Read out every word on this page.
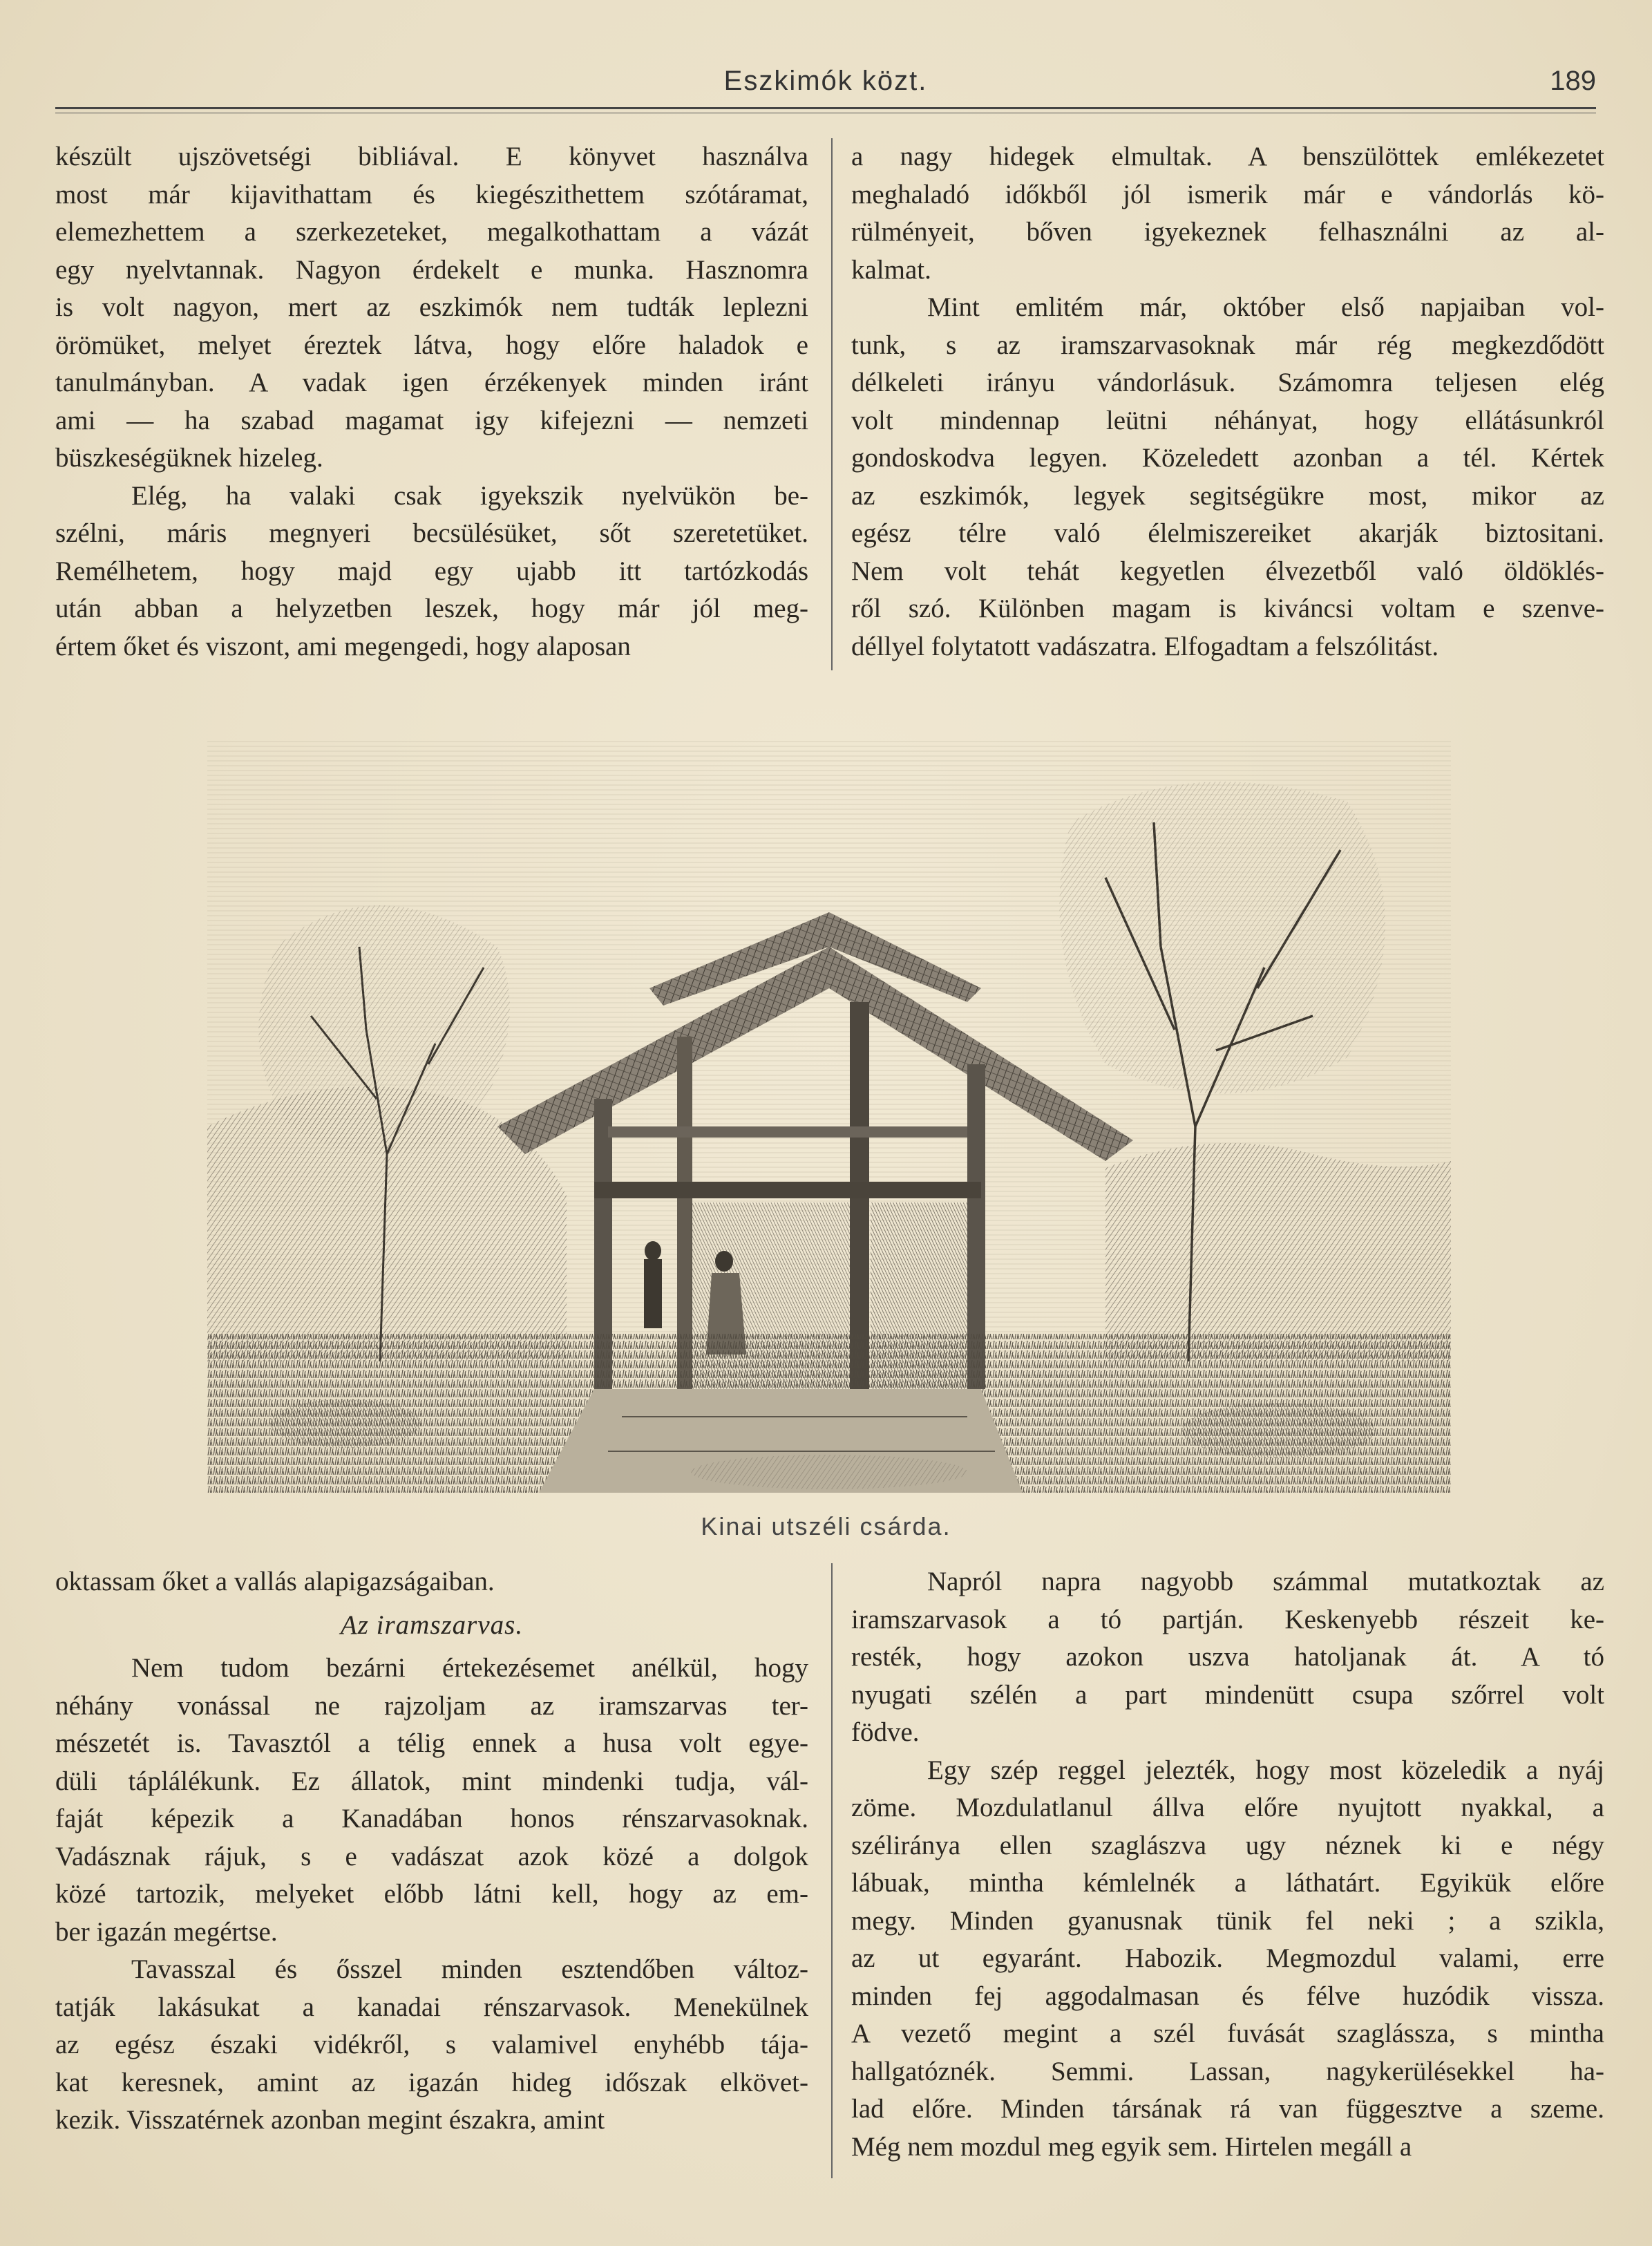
Eszkimók közt.	189

készült ujszövetségi bibliával. E könyvet használva
most már kijavithattam és kiegészithettem szótáramat,
elemezhettem a szerkezeteket, megalkothattam a vázát
egy nyelvtannak. Nagyon érdekelt e munka. Hasznomra
is volt nagyon, mert az eszkimók nem tudták leplezni
örömüket, melyet éreztek látva, hogy előre haladok e
tanulmányban. A vadak igen érzékenyek minden iránt
ami — ha szabad magamat igy kifejezni — nemzeti
büszkeségüknek hizeleg.

Elég, ha valaki csak igyekszik nyelvükön be-
szélni, máris megnyeri becsülésüket, sőt szeretetüket.
Remélhetem, hogy majd egy ujabb itt tartózkodás
után abban a helyzetben leszek, hogy már jól meg-
értem őket és viszont, ami megengedi, hogy alaposan

a nagy hidegek elmultak. A benszülöttek emlékezetet
meghaladó időkből jól ismerik már e vándorlás kö-
rülményeit, bőven igyekeznek felhasználni az al-
kalmat.

Mint emlitém már, október első napjaiban vol-
tunk, s az iramszarvasoknak már rég megkezdődött
délkeleti irányu vándorlásuk. Számomra teljesen elég
volt mindennap leütni néhányat, hogy ellátásunkról
gondoskodva legyen. Közeledett azonban a tél. Kértek
az eszkimók, legyek segitségükre most, mikor az
egész télre való élelmiszereiket akarják biztositani.
Nem volt tehát kegyetlen élvezetből való öldöklés-
ről szó. Különben magam is kiváncsi voltam e szenve-
déllyel folytatott vadászatra. Elfogadtam a felszólitást.

Kinai utszéli csárda.

oktassam őket a vallás alapigazságaiban.

Az iramszarvas.

Nem tudom bezárni értekezésemet anélkül, hogy
néhány vonással ne rajzoljam az iramszarvas ter-
mészetét is. Tavasztól a télig ennek a husa volt egye-
düli táplálékunk. Ez állatok, mint mindenki tudja, vál-
faját képezik a Kanadában honos rénszarvasoknak.
Vadásznak rájuk, s e vadászat azok közé a dolgok
közé tartozik, melyeket előbb látni kell, hogy az em-
ber igazán megértse.

Tavasszal és ősszel minden esztendőben változ-
tatják lakásukat a kanadai rénszarvasok. Menekülnek
az egész északi vidékről, s valamivel enyhébb tája-
kat keresnek, amint az igazán hideg időszak elkövet-
kezik. Visszatérnek azonban megint északra, amint

Napról napra nagyobb számmal mutatkoztak az
iramszarvasok a tó partján. Keskenyebb részeit ke-
resték, hogy azokon uszva hatoljanak át. A tó
nyugati szélén a part mindenütt csupa szőrrel volt
födve.

Egy szép reggel jelezték, hogy most közeledik a nyáj
zöme. Mozdulatlanul állva előre nyujtott nyakkal, a
széliránya ellen szaglászva ugy néznek ki e négy
lábuak, mintha kémlelnék a láthatárt. Egyikük előre
megy. Minden gyanusnak tünik fel neki ; a szikla,
az ut egyaránt. Habozik. Megmozdul valami, erre
minden fej aggodalmasan és félve huzódik vissza.
A vezető megint a szél fuvását szaglássza, s mintha
hallgatóznék. Semmi. Lassan, nagykerülésekkel ha-
lad előre. Minden társának rá van függesztve a szeme.
Még nem mozdul meg egyik sem. Hirtelen megáll a
